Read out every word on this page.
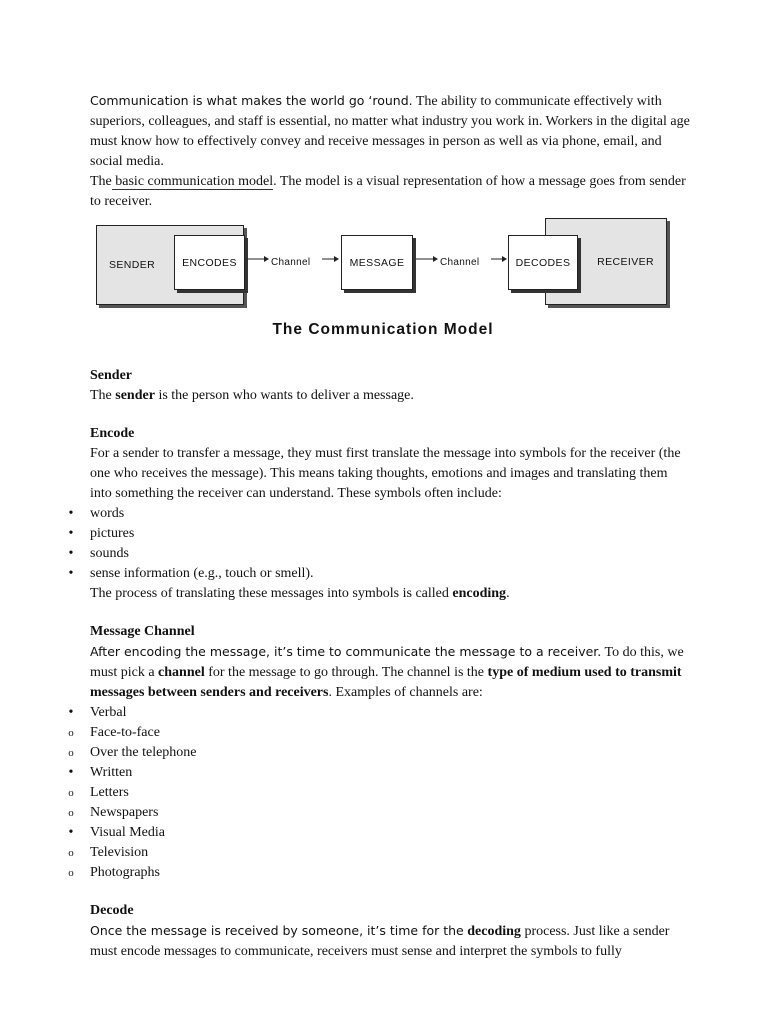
Communication is what makes the world go ‘round. The ability to communicate effectively with superiors, colleagues, and staff is essential, no matter what industry you work in. Workers in the digital age must know how to effectively convey and receive messages in person as well as via phone, email, and social media.

The basic communication model. The model is a visual representation of how a message goes from sender to receiver.

SENDER	ENCODES	Channel	MESSAGE	Channel	RECEIVER
DECODES
The Communication Model
Sender

The sender is the person who wants to deliver a message.

Encode

For a sender to transfer a message, they must first translate the message into symbols for the receiver (the one who receives the message). This means taking thoughts, emotions and images and translating them into something the receiver can understand. These symbols often include:

• words
• pictures
• sounds
• sense information (e.g., touch or smell).

The process of translating these messages into symbols is called encoding.

Message Channel

After encoding the message, it’s time to communicate the message to a receiver. To do this, we must pick a channel for the message to go through. The channel is the type of medium used to transmit messages between senders and receivers. Examples of channels are:

• Verbal
o Face-to-face
o Over the telephone
• Written
o Letters
o Newspapers
• Visual Media
o Television
o Photographs
Decode

Once the message is received by someone, it’s time for the decoding process. Just like a sender must encode messages to communicate, receivers must sense and interpret the symbols to fully
